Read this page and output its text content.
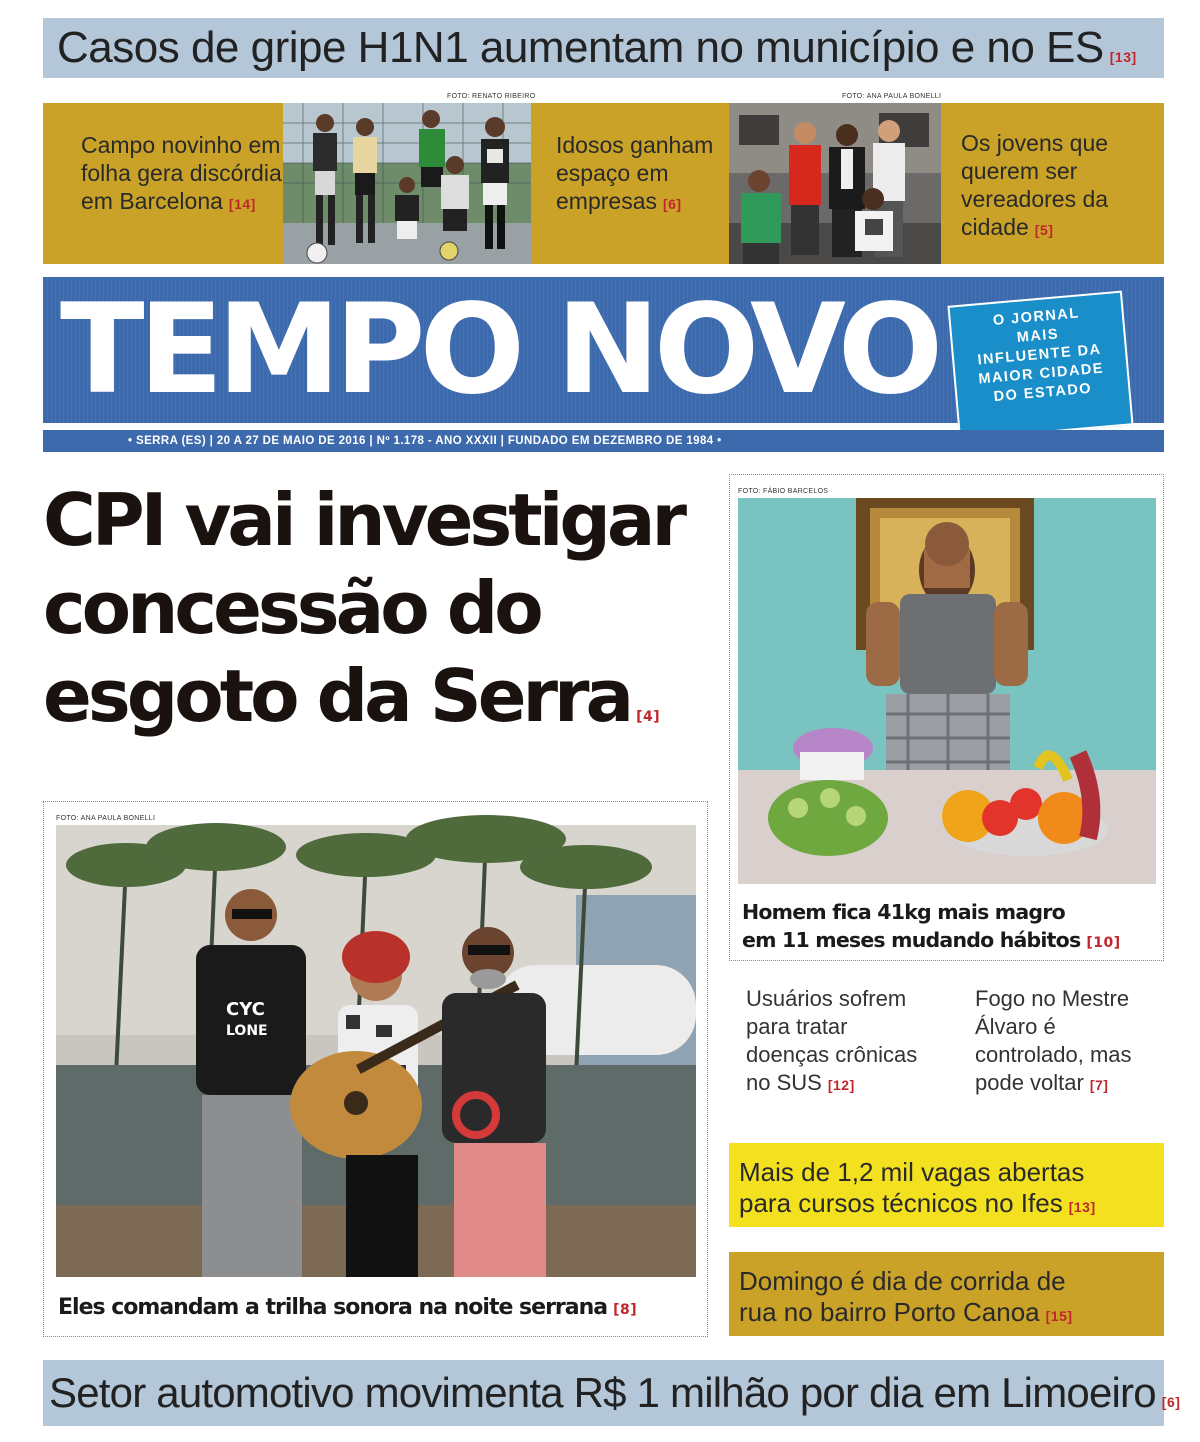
Casos de gripe H1N1 aumentam no município e no ES [13]
Campo novinho em folha gera discórdia em Barcelona [14]
FOTO: RENATO RIBEIRO
Idosos ganham espaço em empresas [6]
FOTO: ANA PAULA BONELLI
Os jovens que querem ser vereadores da cidade [5]
TEMPO NOVO	O JORNAL
MAIS
INFLUENTE DA
MAIOR CIDADE
DO ESTADO
• SERRA (ES) | 20 A 27 DE MAIO DE 2016 | Nº 1.178 - ANO XXXII | FUNDADO EM DEZEMBRO DE 1984 •
CPI vai investigar
concessão do
esgoto da Serra [4]
FOTO: FÁBIO BARCELOS
Homem fica 41kg mais magro
em 11 meses mudando hábitos [10]
FOTO: ANA PAULA BONELLI
CYC
LONE
Eles comandam a trilha sonora na noite serrana [8]
Usuários sofrem para tratar doenças crônicas no SUS [12]
Fogo no Mestre Álvaro é controlado, mas pode voltar [7]
Mais de 1,2 mil vagas abertas
para cursos técnicos no Ifes [13]
Domingo é dia de corrida de
rua no bairro Porto Canoa [15]
Setor automotivo movimenta R$ 1 milhão por dia em Limoeiro [6]
